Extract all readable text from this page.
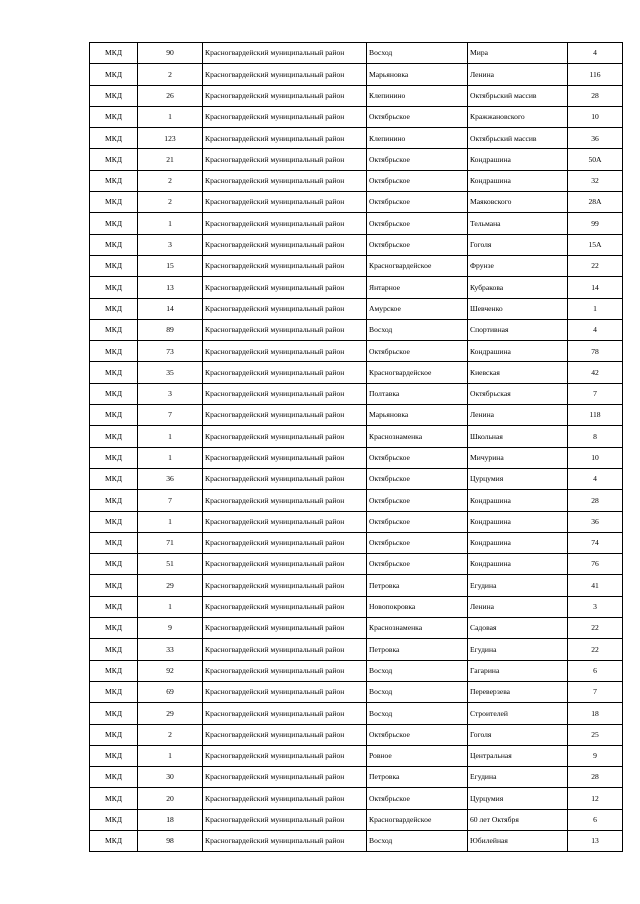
МКД	90	Красногвардейский муниципальный район	Восход	Мира	4
МКД	2	Красногвардейский муниципальный район	Марьяновка	Ленина	116
МКД	26	Красногвардейский муниципальный район	Клепинино	Октябрьский массив	28
МКД	1	Красногвардейский муниципальный район	Октябрьское	Кражжановского	10
МКД	123	Красногвардейский муниципальный район	Клепинино	Октябрьский массив	36
МКД	21	Красногвардейский муниципальный район	Октябрьское	Кондрашина	50А
МКД	2	Красногвардейский муниципальный район	Октябрьское	Кондрашина	32
МКД	2	Красногвардейский муниципальный район	Октябрьское	Маяковского	28А
МКД	1	Красногвардейский муниципальный район	Октябрьское	Тельмана	99
МКД	3	Красногвардейский муниципальный район	Октябрьское	Гоголя	15А
МКД	15	Красногвардейский муниципальный район	Красногвардейское	Фрунзе	22
МКД	13	Красногвардейский муниципальный район	Янтарное	Кубракова	14
МКД	14	Красногвардейский муниципальный район	Амурское	Шевченко	1
МКД	89	Красногвардейский муниципальный район	Восход	Спортивная	4
МКД	73	Красногвардейский муниципальный район	Октябрьское	Кондрашина	78
МКД	35	Красногвардейский муниципальный район	Красногвардейское	Киевская	42
МКД	3	Красногвардейский муниципальный район	Полтавка	Октябрьская	7
МКД	7	Красногвардейский муниципальный район	Марьяновка	Ленина	118
МКД	1	Красногвардейский муниципальный район	Краснознаменка	Школьная	8
МКД	1	Красногвардейский муниципальный район	Октябрьское	Мичурина	10
МКД	36	Красногвардейский муниципальный район	Октябрьское	Цурцумия	4
МКД	7	Красногвардейский муниципальный район	Октябрьское	Кондрашина	28
МКД	1	Красногвардейский муниципальный район	Октябрьское	Кондрашина	36
МКД	71	Красногвардейский муниципальный район	Октябрьское	Кондрашина	74
МКД	51	Красногвардейский муниципальный район	Октябрьское	Кондрашина	76
МКД	29	Красногвардейский муниципальный район	Петровка	Егудина	41
МКД	1	Красногвардейский муниципальный район	Новопокровка	Ленина	3
МКД	9	Красногвардейский муниципальный район	Краснознаменка	Садовая	22
МКД	33	Красногвардейский муниципальный район	Петровка	Егудина	22
МКД	92	Красногвардейский муниципальный район	Восход	Гагарина	6
МКД	69	Красногвардейский муниципальный район	Восход	Переверзева	7
МКД	29	Красногвардейский муниципальный район	Восход	Строителей	18
МКД	2	Красногвардейский муниципальный район	Октябрьское	Гоголя	25
МКД	1	Красногвардейский муниципальный район	Ровное	Центральная	9
МКД	30	Красногвардейский муниципальный район	Петровка	Егудина	28
МКД	20	Красногвардейский муниципальный район	Октябрьское	Цурцумия	12
МКД	18	Красногвардейский муниципальный район	Красногвардейское	60 лет Октября	6
МКД	98	Красногвардейский муниципальный район	Восход	Юбилейная	13
